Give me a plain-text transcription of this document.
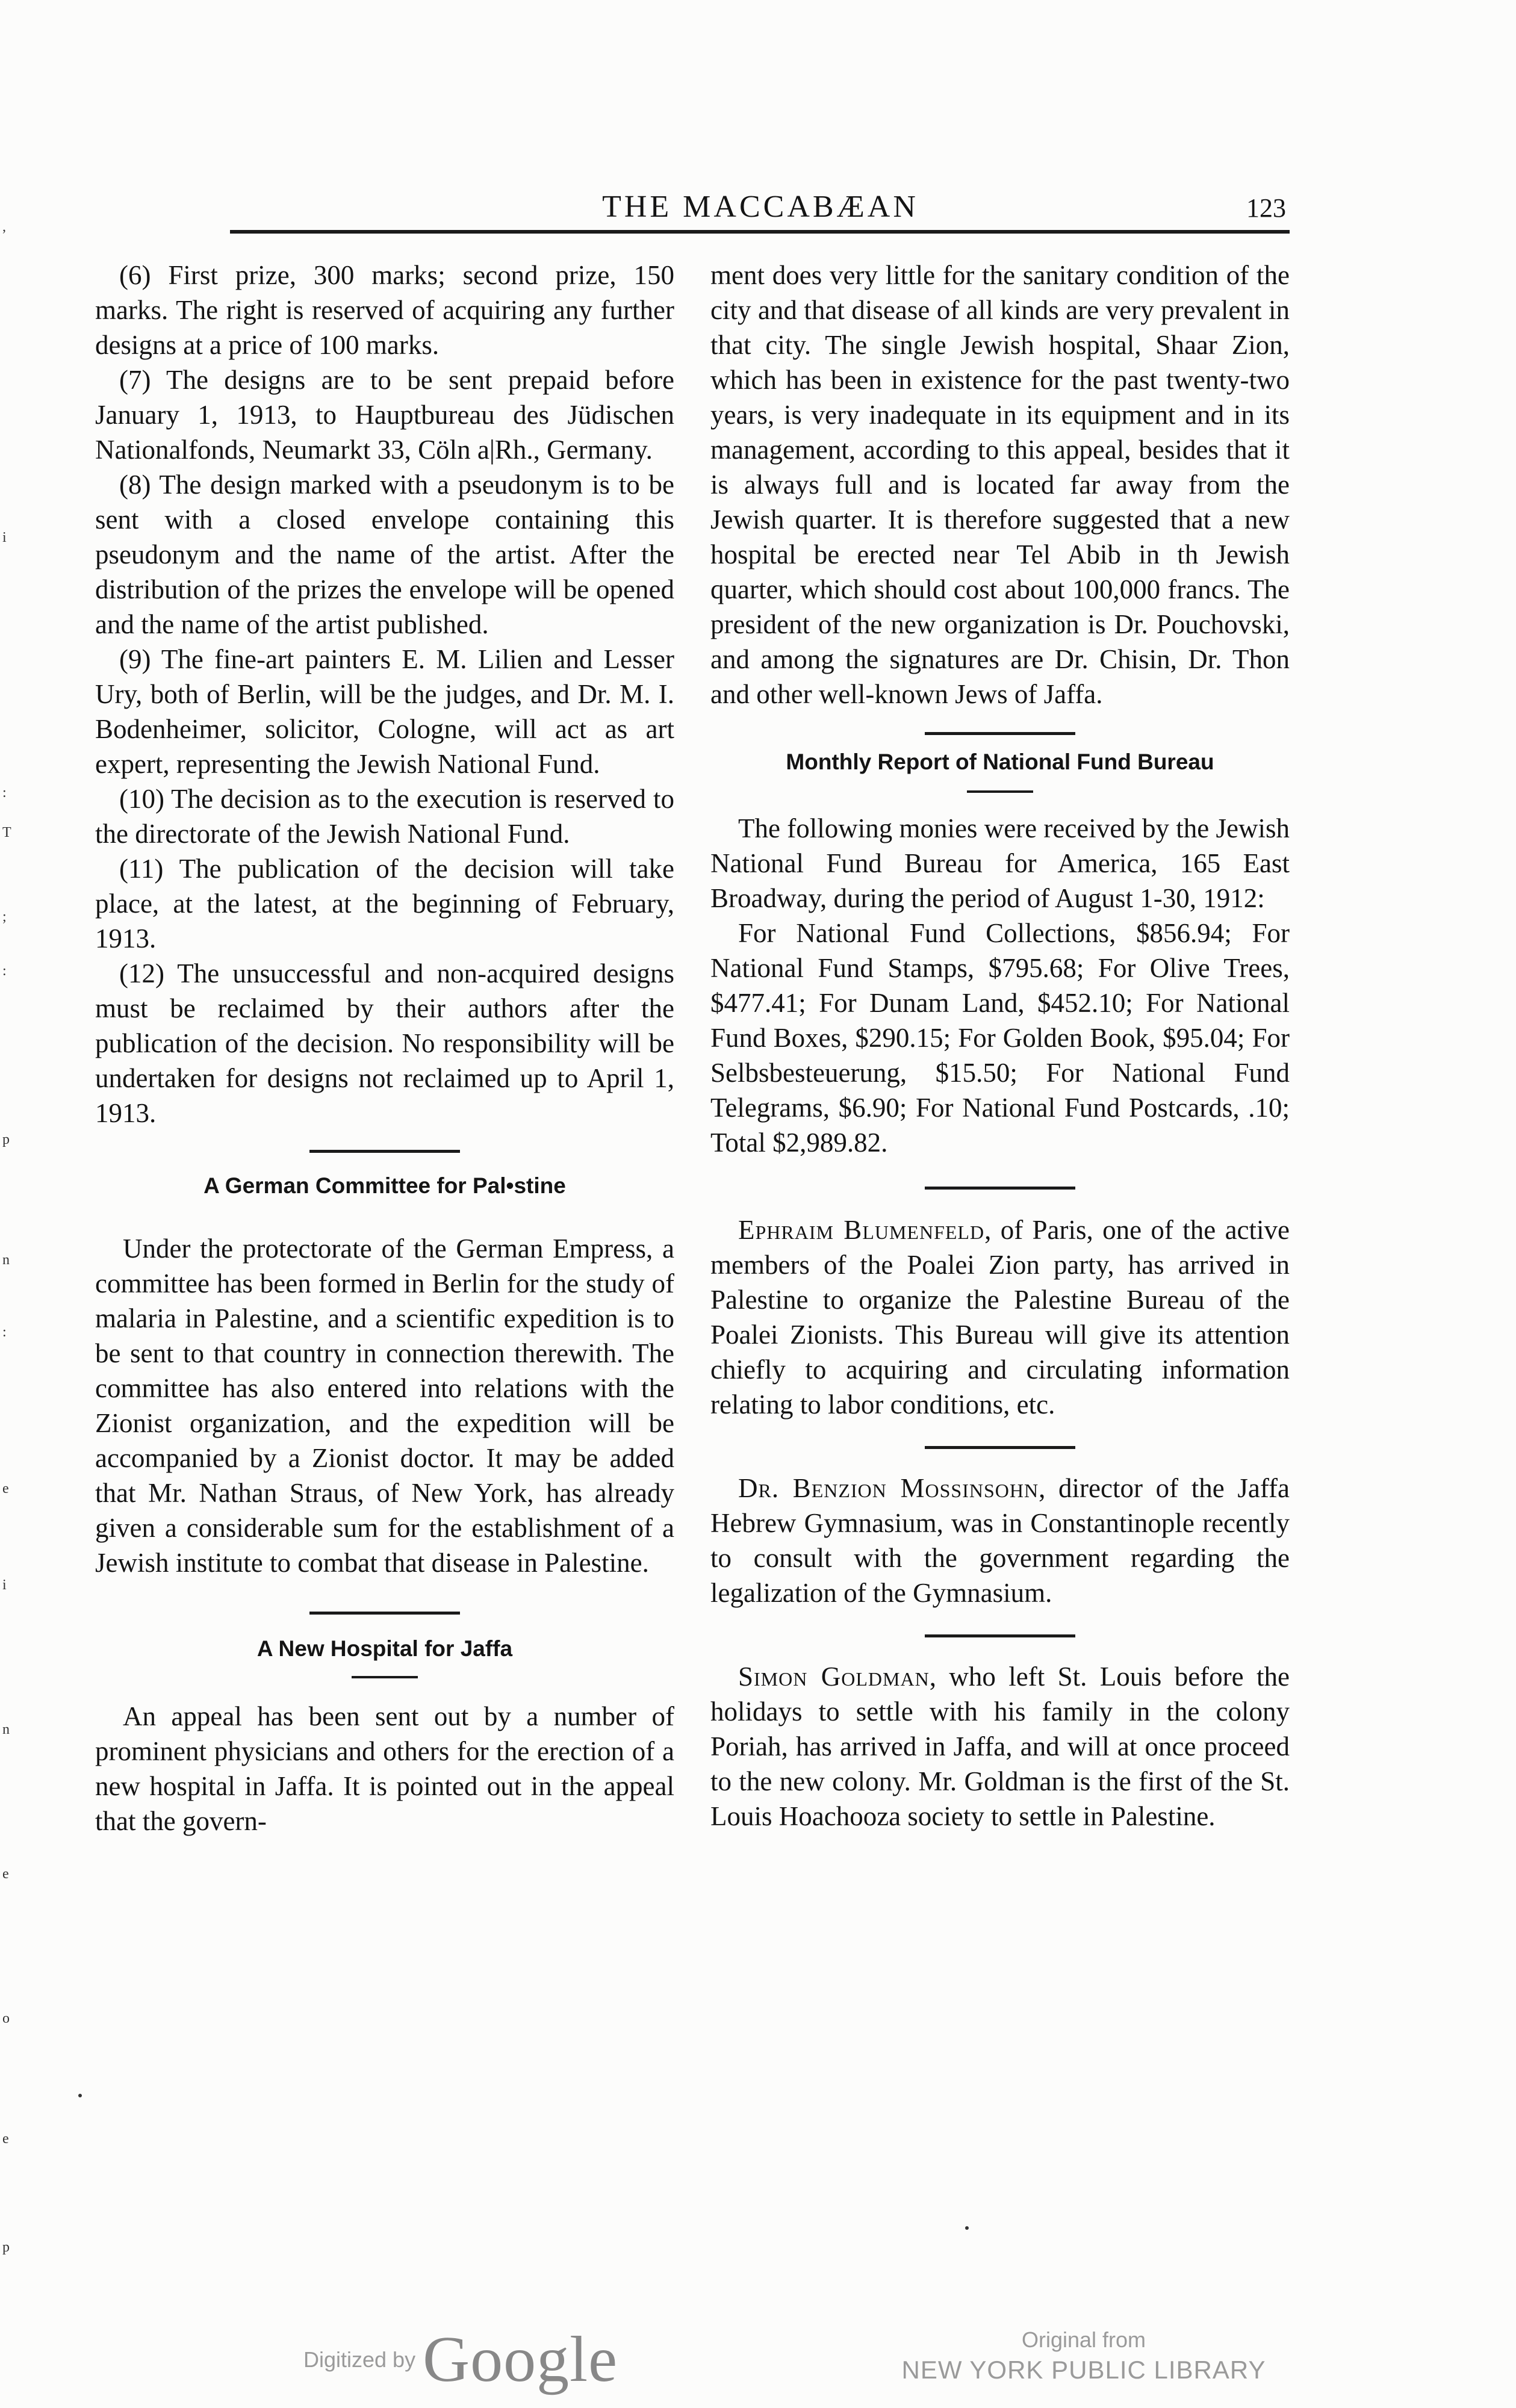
,
i
:
T
;
:
p
n
:
e
i
n
e
o
e
p
THE MACCABÆAN	123

(6) First prize, 300 marks; second prize, 150 marks. The right is reserved of acquiring any further designs at a price of 100 marks.

(7) The designs are to be sent prepaid before January 1, 1913, to Hauptbureau des Jüdischen Nationalfonds, Neumarkt 33, Cöln a|Rh., Germany.

(8) The design marked with a pseudonym is to be sent with a closed envelope containing this pseudonym and the name of the artist. After the distribution of the prizes the envelope will be opened and the name of the artist published.

(9) The fine-art painters E. M. Lilien and Lesser Ury, both of Berlin, will be the judges, and Dr. M. I. Bodenheimer, solicitor, Cologne, will act as art expert, representing the Jewish National Fund.

(10) The decision as to the execution is reserved to the directorate of the Jewish National Fund.

(11) The publication of the decision will take place, at the latest, at the beginning of February, 1913.

(12) The unsuccessful and non-acquired designs must be reclaimed by their authors after the publication of the decision. No responsibility will be undertaken for designs not reclaimed up to April 1, 1913.

A German Committee for Pal•stine

Under the protectorate of the German Empress, a committee has been formed in Berlin for the study of malaria in Palestine, and a scientific expedition is to be sent to that country in connection therewith. The committee has also entered into relations with the Zionist organization, and the expedition will be accompanied by a Zionist doctor. It may be added that Mr. Nathan Straus, of New York, has already given a considerable sum for the establishment of a Jewish institute to combat that disease in Palestine.

A New Hospital for Jaffa

An appeal has been sent out by a number of prominent physicians and others for the erection of a new hospital in Jaffa. It is pointed out in the appeal that the govern-

ment does very little for the sanitary condition of the city and that disease of all kinds are very prevalent in that city. The single Jewish hospital, Shaar Zion, which has been in existence for the past twenty-two years, is very inadequate in its equipment and in its management, according to this appeal, besides that it is always full and is located far away from the Jewish quarter. It is therefore suggested that a new hospital be erected near Tel Abib in th Jewish quarter, which should cost about 100,000 francs. The president of the new organization is Dr. Pouchovski, and among the signatures are Dr. Chisin, Dr. Thon and other well-known Jews of Jaffa.

Monthly Report of National Fund Bureau

The following monies were received by the Jewish National Fund Bureau for America, 165 East Broadway, during the period of August 1-30, 1912:

For National Fund Collections, $856.94; For National Fund Stamps, $795.68; For Olive Trees, $477.41; For Dunam Land, $452.10; For National Fund Boxes, $290.15; For Golden Book, $95.04; For Selbsbesteuerung, $15.50; For National Fund Telegrams, $6.90; For National Fund Postcards, .10; Total $2,989.82.

Ephraim Blumenfeld, of Paris, one of the active members of the Poalei Zion party, has arrived in Palestine to organize the Palestine Bureau of the Poalei Zionists. This Bureau will give its attention chiefly to acquiring and circulating information relating to labor conditions, etc.

Dr. Benzion Mossinsohn, director of the Jaffa Hebrew Gymnasium, was in Constantinople recently to consult with the government regarding the legalization of the Gymnasium.

Simon Goldman, who left St. Louis before the holidays to settle with his family in the colony Poriah, has arrived in Jaffa, and will at once proceed to the new colony. Mr. Goldman is the first of the St. Louis Hoachooza society to settle in Palestine.

Digitized by Google	Original from
NEW YORK PUBLIC LIBRARY
